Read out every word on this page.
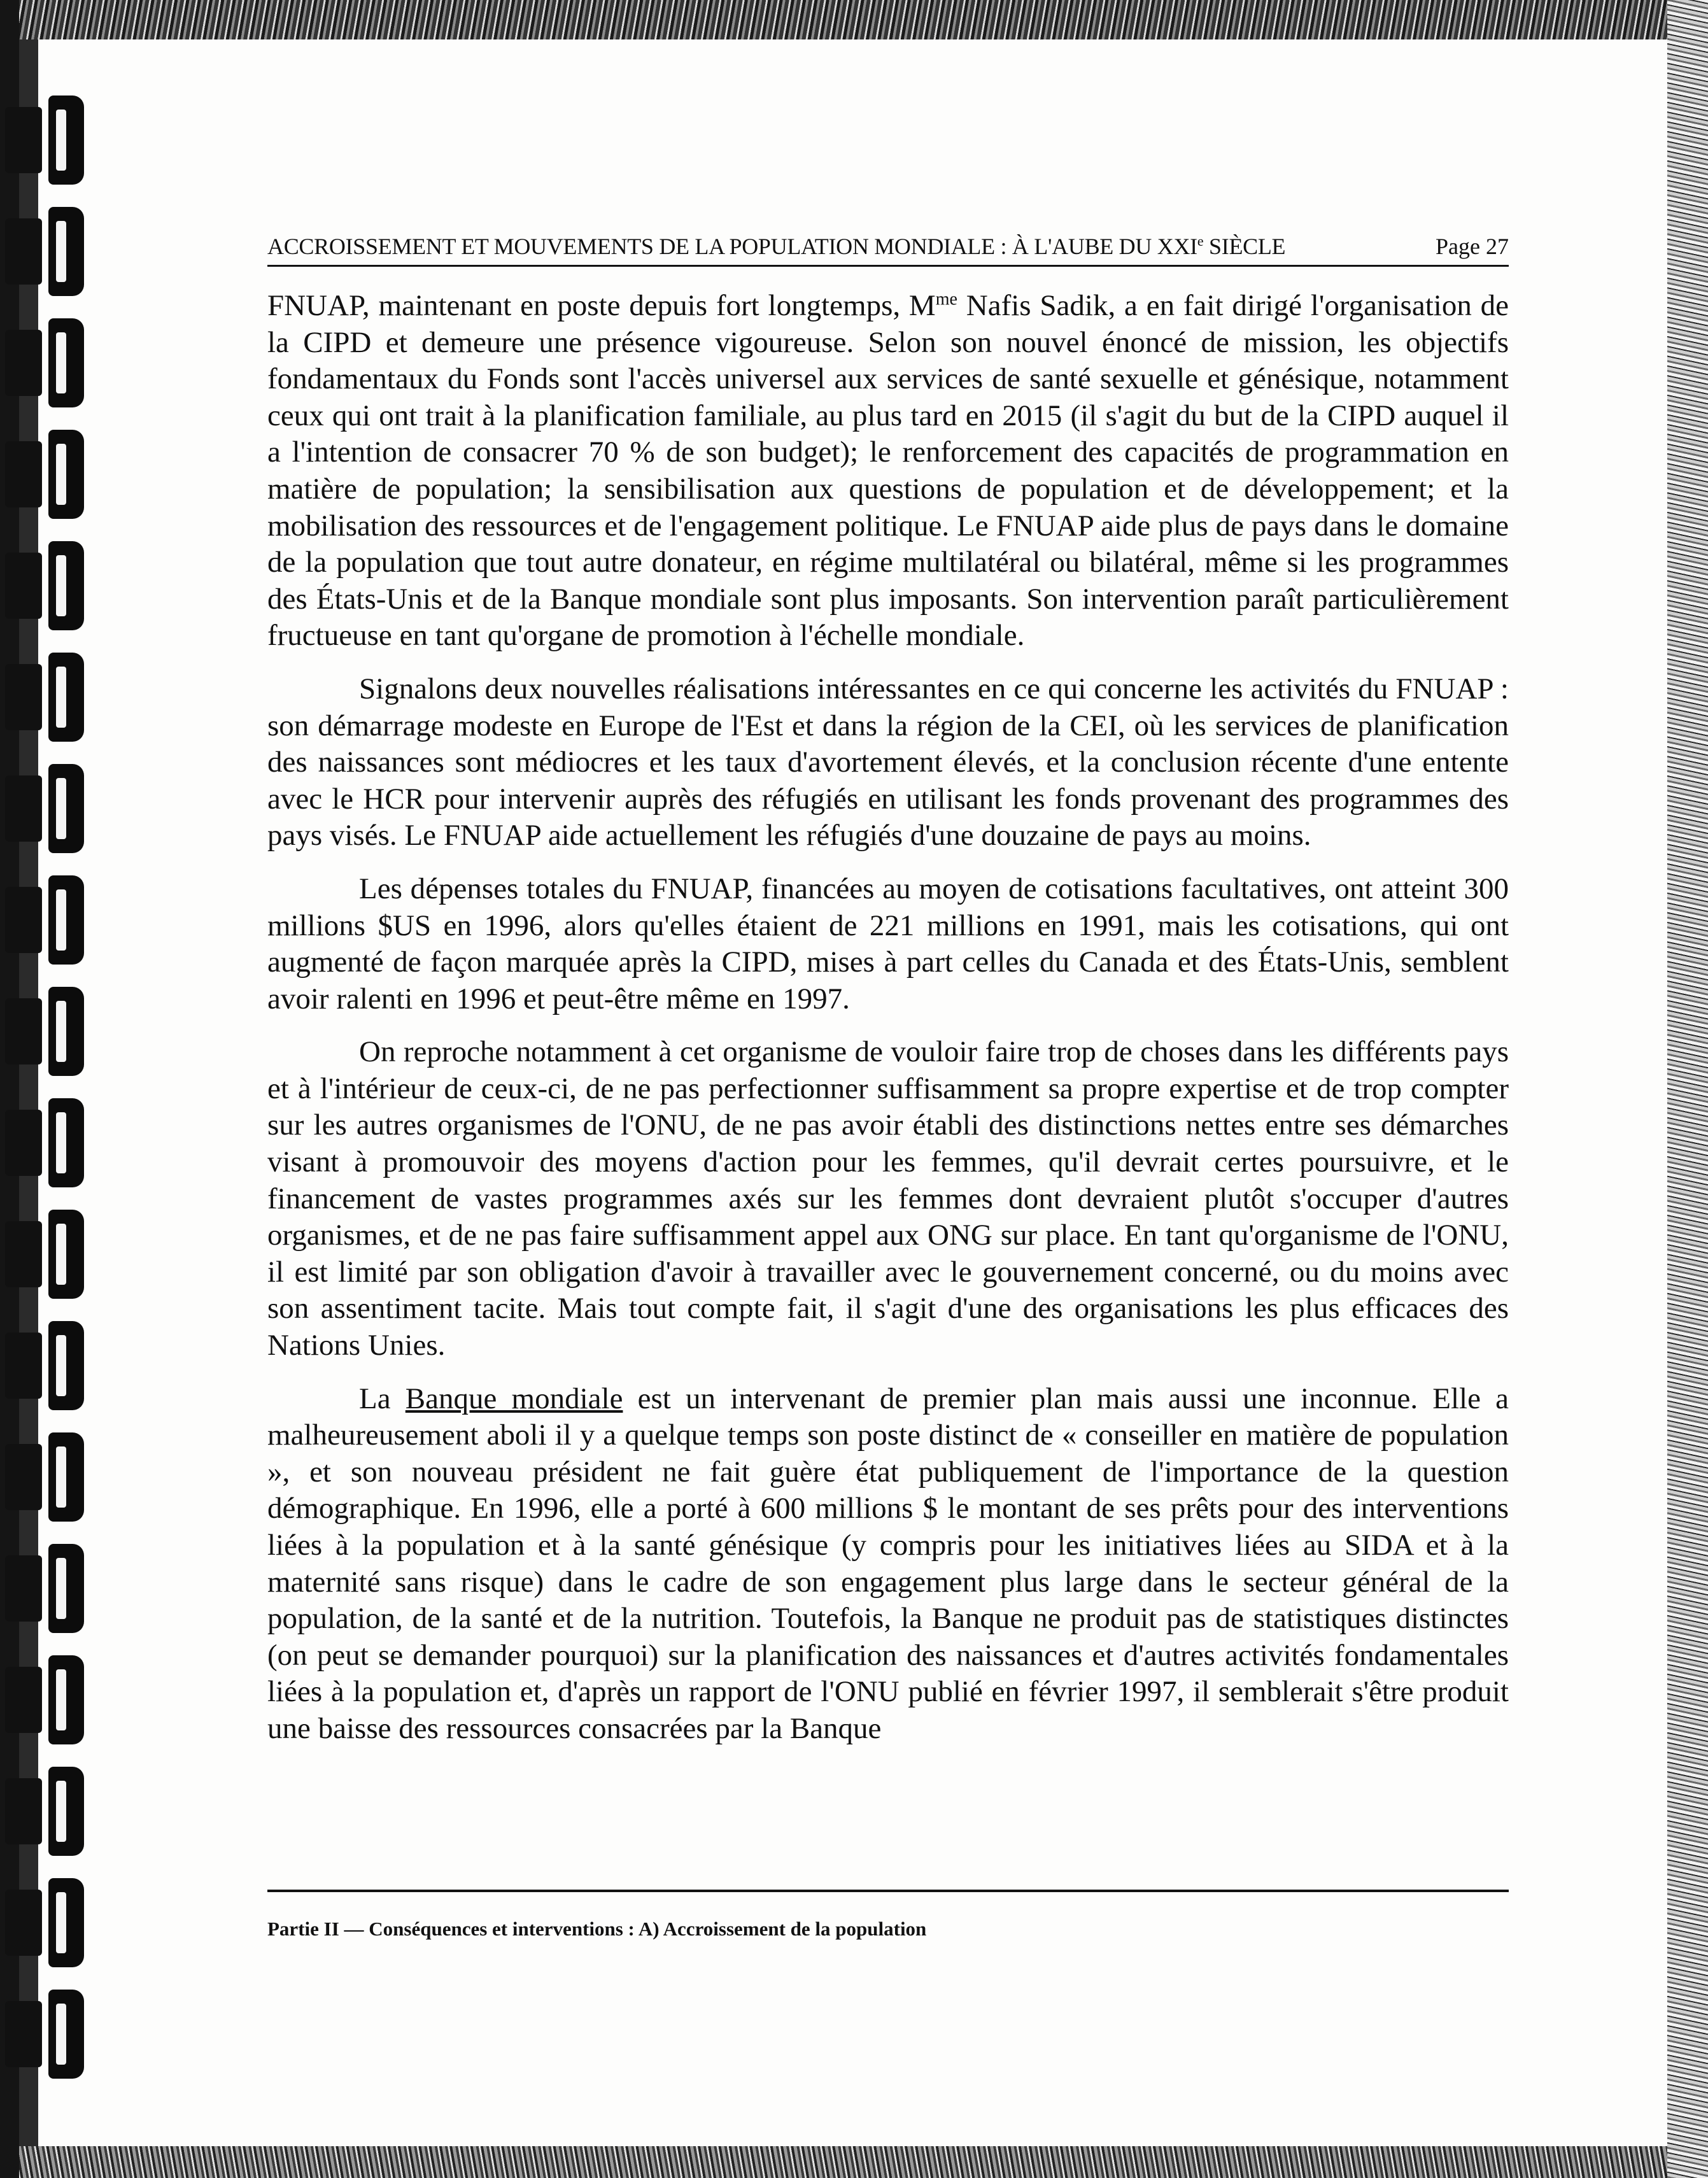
ACCROISSEMENT ET MOUVEMENTS DE LA POPULATION MONDIALE : À L'AUBE DU XXIe SIÈCLE	Page 27

FNUAP, maintenant en poste depuis fort longtemps, $M^{me}$ Nafis Sadik, a en fait dirigé l'organisation de la CIPD et demeure une présence vigoureuse. Selon son nouvel énoncé de mission, les objectifs fondamentaux du Fonds sont l'accès universel aux services de santé sexuelle et génésique, notamment ceux qui ont trait à la planification familiale, au plus tard en 2015 (il s'agit du but de la CIPD auquel il a l'intention de consacrer 70 % de son budget); le renforcement des capacités de programmation en matière de population; la sensibilisation aux questions de population et de développement; et la mobilisation des ressources et de l'engagement politique. Le FNUAP aide plus de pays dans le domaine de la population que tout autre donateur, en régime multilatéral ou bilatéral, même si les programmes des États-Unis et de la Banque mondiale sont plus imposants. Son intervention paraît particulièrement fructueuse en tant qu'organe de promotion à l'échelle mondiale.

Signalons deux nouvelles réalisations intéressantes en ce qui concerne les activités du FNUAP : son démarrage modeste en Europe de l'Est et dans la région de la CEI, où les services de planification des naissances sont médiocres et les taux d'avortement élevés, et la conclusion récente d'une entente avec le HCR pour intervenir auprès des réfugiés en utilisant les fonds provenant des programmes des pays visés. Le FNUAP aide actuellement les réfugiés d'une douzaine de pays au moins.

Les dépenses totales du FNUAP, financées au moyen de cotisations facultatives, ont atteint 300 millions $US en 1996, alors qu'elles étaient de 221 millions en 1991, mais les cotisations, qui ont augmenté de façon marquée après la CIPD, mises à part celles du Canada et des États-Unis, semblent avoir ralenti en 1996 et peut-être même en 1997.

On reproche notamment à cet organisme de vouloir faire trop de choses dans les différents pays et à l'intérieur de ceux-ci, de ne pas perfectionner suffisamment sa propre expertise et de trop compter sur les autres organismes de l'ONU, de ne pas avoir établi des distinctions nettes entre ses démarches visant à promouvoir des moyens d'action pour les femmes, qu'il devrait certes poursuivre, et le financement de vastes programmes axés sur les femmes dont devraient plutôt s'occuper d'autres organismes, et de ne pas faire suffisamment appel aux ONG sur place. En tant qu'organisme de l'ONU, il est limité par son obligation d'avoir à travailler avec le gouvernement concerné, ou du moins avec son assentiment tacite. Mais tout compte fait, il s'agit d'une des organisations les plus efficaces des Nations Unies.

La Banque mondiale est un intervenant de premier plan mais aussi une inconnue. Elle a malheureusement aboli il y a quelque temps son poste distinct de « conseiller en matière de population », et son nouveau président ne fait guère état publiquement de l'importance de la question démographique. En 1996, elle a porté à 600 millions $ le montant de ses prêts pour des interventions liées à la population et à la santé génésique (y compris pour les initiatives liées au SIDA et à la maternité sans risque) dans le cadre de son engagement plus large dans le secteur général de la population, de la santé et de la nutrition. Toutefois, la Banque ne produit pas de statistiques distinctes (on peut se demander pourquoi) sur la planification des naissances et d'autres activités fondamentales liées à la population et, d'après un rapport de l'ONU publié en février 1997, il semblerait s'être produit une baisse des ressources consacrées par la Banque

Partie II — Conséquences et interventions : A) Accroissement de la population
